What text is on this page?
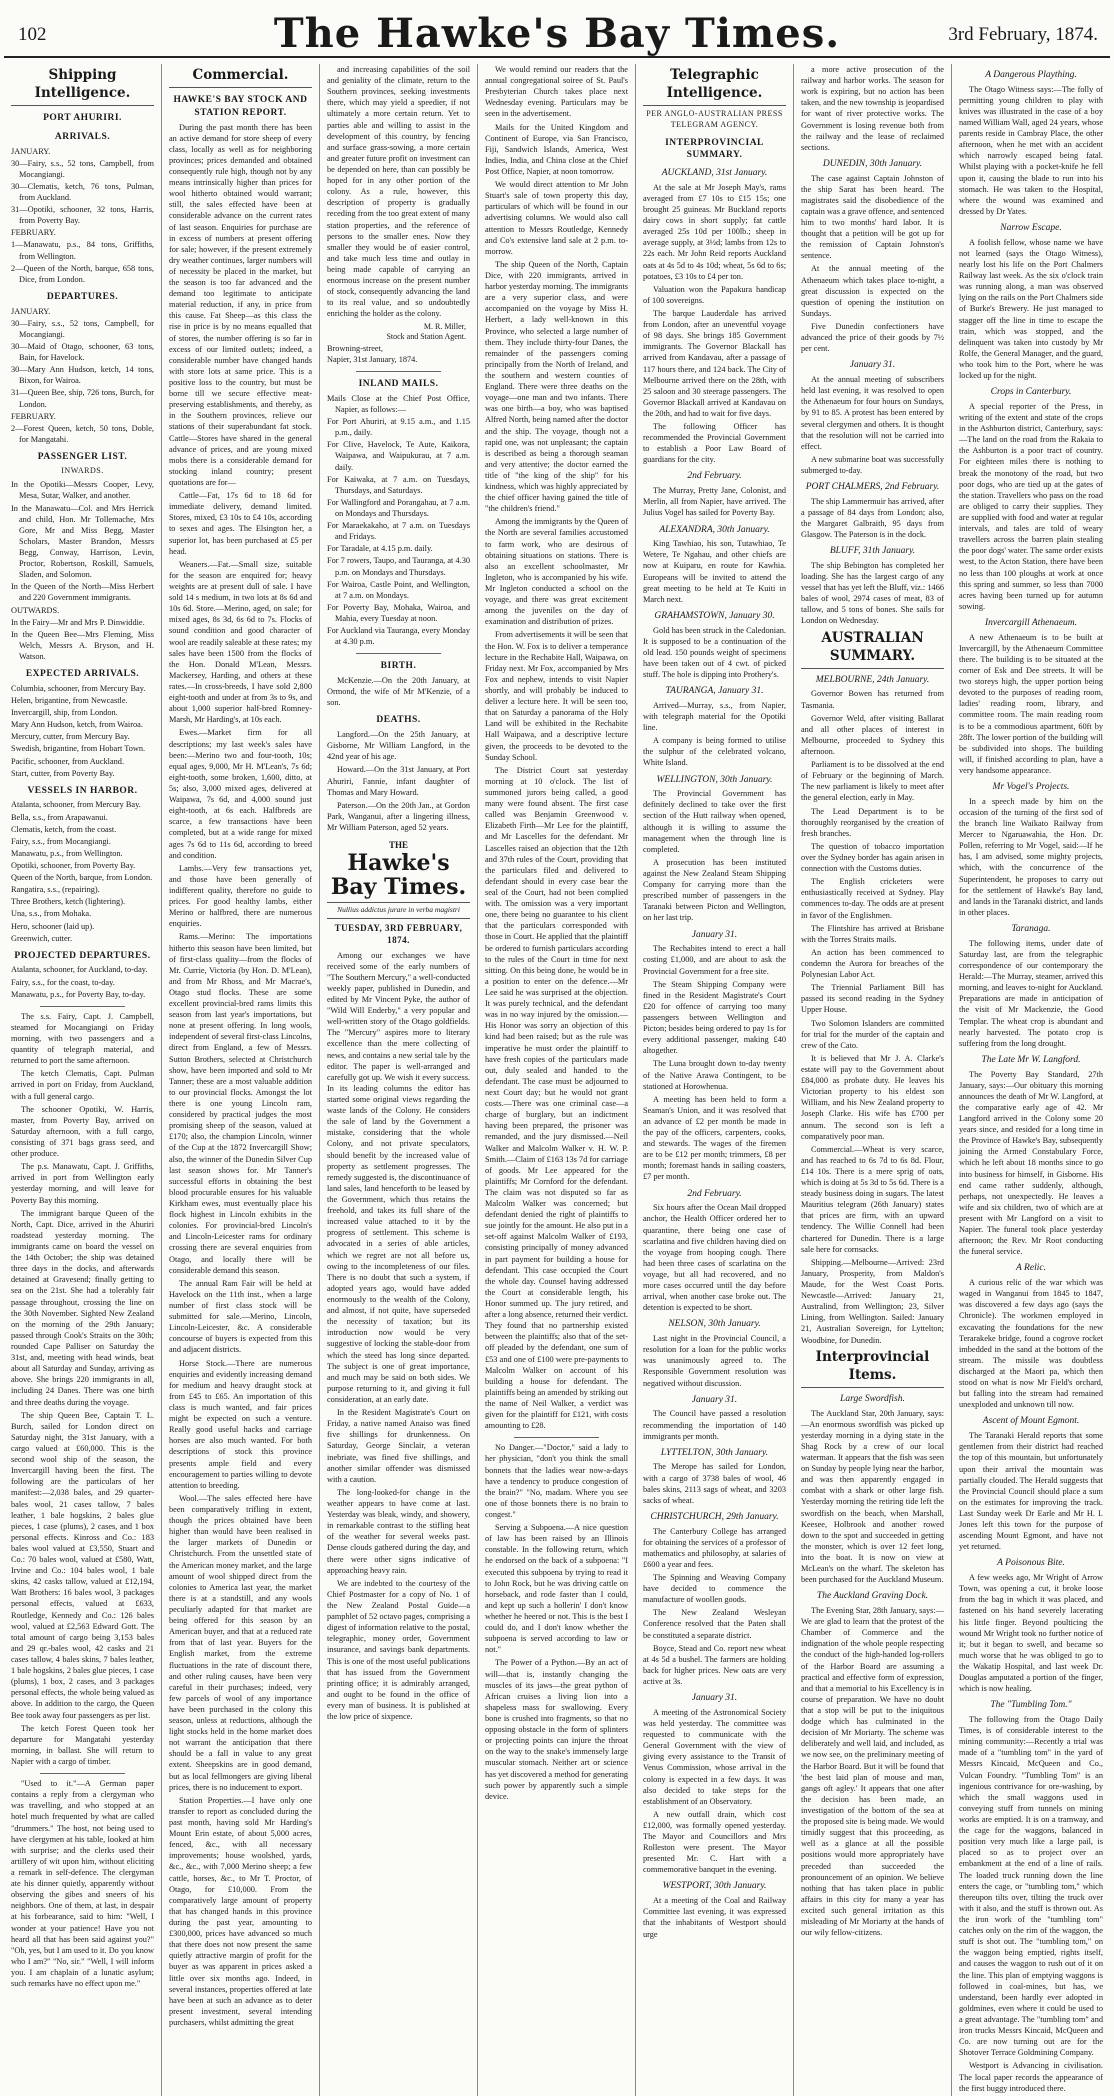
102	The Hawke's Bay Times.	3rd February, 1874.
Shipping Intelligence.
PORT AHURIRI.
ARRIVALS.

JANUARY.

30—Fairy, s.s., 52 tons, Campbell, from Mocangiangi.

30—Clematis, ketch, 76 tons, Pulman, from Auckland.

31—Opotiki, schooner, 32 tons, Harris, from Poverty Bay.

FEBRUARY.

1—Manawatu, p.s., 84 tons, Griffiths, from Wellington.

2—Queen of the North, barque, 658 tons, Dice, from London.

DEPARTURES.

JANUARY.

30—Fairy, s.s., 52 tons, Campbell, for Mocangiangi.

30—Maid of Otago, schooner, 63 tons, Bain, for Havelock.

30—Mary Ann Hudson, ketch, 14 tons, Bixon, for Wairoa.

31—Queen Bee, ship, 726 tons, Burch, for London.

FEBRUARY.

2—Forest Queen, ketch, 50 tons, Doble, for Mangatahi.

PASSENGER LIST.
INWARDS.

In the Opotiki—Messrs Cooper, Levy, Mesa, Sutar, Walker, and another.

In the Manawatu—Col. and Mrs Herrick and child, Hon. Mr Tollemache, Mrs Gore, Mr and Miss Begg, Master Scholars, Master Brandon, Messrs Begg, Conway, Harrison, Levin, Proctor, Robertson, Roskill, Samuels, Sladen, and Solomon.

In the Queen of the North—Miss Herbert and 220 Government immigrants.

OUTWARDS.

In the Fairy—Mr and Mrs P. Dinwiddie.

In the Queen Bee—Mrs Fleming, Miss Welch, Messrs A. Bryson, and H. Watson.

EXPECTED ARRIVALS.

Columbia, schooner, from Mercury Bay.

Helen, brigantine, from Newcastle.

Invercargill, ship, from London.

Mary Ann Hudson, ketch, from Wairoa.

Mercury, cutter, from Mercury Bay.

Swedish, brigantine, from Hobart Town.

Pacific, schooner, from Auckland.

Start, cutter, from Poverty Bay.

VESSELS IN HARBOR.

Atalanta, schooner, from Mercury Bay.

Bella, s.s., from Arapawanui.

Clematis, ketch, from the coast.

Fairy, s.s., from Mocangiangi.

Manawatu, p.s., from Wellington.

Opotiki, schooner, from Poverty Bay.

Queen of the North, barque, from London.

Rangatira, s.s., (repairing).

Three Brothers, ketch (lightering).

Una, s.s., from Mohaka.

Hero, schooner (laid up).

Greenwich, cutter.

PROJECTED DEPARTURES.

Atalanta, schooner, for Auckland, to-day.

Fairy, s.s., for the coast, to-day.

Manawatu, p.s., for Poverty Bay, to-day.

The s.s. Fairy, Capt. J. Campbell, steamed for Mocangiangi on Friday morning, with two passengers and a quantity of telegraph material, and returned to port the same afternoon.

The ketch Clematis, Capt. Pulman arrived in port on Friday, from Auckland, with a full general cargo.

The schooner Opotiki, W. Harris, master, from Poverty Bay, arrived on Saturday afternoon, with a full cargo, consisting of 371 bags grass seed, and other produce.

The p.s. Manawatu, Capt. J. Griffiths, arrived in port from Wellington early yesterday morning, and will leave for Poverty Bay this morning.

The immigrant barque Queen of the North, Capt. Dice, arrived in the Ahuriri roadstead yesterday morning. The immigrants came on board the vessel on the 14th October; the ship was detained three days in the docks, and afterwards detained at Gravesend; finally getting to sea on the 21st. She had a tolerably fair passage throughout, crossing the line on the 30th November. Sighted New Zealand on the morning of the 29th January; passed through Cook's Straits on the 30th; rounded Cape Palliser on Saturday the 31st, and, meeting with head winds, beat about all Saturday and Sunday, arriving as above. She brings 220 immigrants in all, including 24 Danes. There was one birth and three deaths during the voyage.

The ship Queen Bee, Captain T. L. Burch, sailed for London direct on Saturday night, the 31st January, with a cargo valued at £60,000. This is the second wool ship of the season, the Invercargill having been the first. The following are the particulars of her manifest:—2,038 bales, and 29 quarter-bales wool, 21 cases tallow, 7 bales leather, 1 bale hogskins, 2 bales glue pieces, 1 case (plums), 2 cases, and 1 box personal effects. Kinross and Co.: 183 bales wool valued at £3,550, Stuart and Co.: 70 bales wool, valued at £580, Watt, Irvine and Co.: 104 bales wool, 1 bale skins, 42 casks tallow, valued at £12,194, Watt Brothers: 16 bales wool, 3 packages personal effects, valued at £633, Routledge, Kennedy and Co.: 126 bales wool, valued at £2,563 Edward Gott. The total amount of cargo being 3,153 bales and 29 qr.-bales wool, 42 casks and 21 cases tallow, 4 bales skins, 7 bales leather, 1 bale hogskins, 2 bales glue pieces, 1 case (plums), 1 box, 2 cases, and 3 packages personal effects, the whole being valued as above. In addition to the cargo, the Queen Bee took away four passengers as per list.

The ketch Forest Queen took her departure for Mangatahi yesterday morning, in ballast. She will return to Napier with a cargo of timber.

"Used to it."—A German paper contains a reply from a clergyman who was travelling, and who stopped at an hotel much frequented by what are called "drummers." The host, not being used to have clergymen at his table, looked at him with surprise; and the clerks used their artillery of wit upon him, without eliciting a remark in self-defence. The clergyman ate his dinner quietly, apparently without observing the gibes and sneers of his neighbors. One of them, at last, in despair at his forbearance, said to him: "Well, I wonder at your patience! Have you not heard all that has been said against you?" "Oh, yes, but I am used to it. Do you know who I am?" "No, sir." "Well, I will inform you. I am chaplain of a lunatic asylum; such remarks have no effect upon me."

Commercial.
HAWKE'S BAY STOCK AND STATION REPORT.

During the past month there has been an active demand for store sheep of every class, locally as well as for neighboring provinces; prices demanded and obtained consequently rule high, though not by any means intrinsically higher than prices for wool hitherto obtained would warrant; still, the sales effected have been at considerable advance on the current rates of last season. Enquiries for purchase are in excess of numbers at present offering for sale; however, if the present extremely dry weather continues, larger numbers will of necessity be placed in the market, but the season is too far advanced and the demand too legitimate to anticipate material reduction, if any, in price from this cause. Fat Sheep—as this class the rise in price is by no means equalled that of stores, the number offering is so far in excess of our limited outlets; indeed, a considerable number have changed hands with store lots at same price. This is a positive loss to the country, but must be borne till we secure effective meat-preserving establishments, and thereby, as in the Southern provinces, relieve our stations of their superabundant fat stock. Cattle—Stores have shared in the general advance of prices, and are young mixed mobs there is a considerable demand for stocking inland country; present quotations are for—

Cattle—Fat, 17s 6d to 18 6d for immediate delivery, demand limited. Stores, mixed, £3 10s to £4 10s, according to sexes and ages. The Elsington her, a superior lot, has been purchased at £5 per head.

Weaners.—Fat.—Small size, suitable for the season are enquired for; heavy weights are at present dull of sale. I have sold 14 s medium, in two lots at 8s 6d and 10s 6d. Store.—Merino, aged, on sale; for mixed ages, 8s 3d, 6s 6d to 7s. Flocks of sound condition and good character of wool are readily saleable at these rates; my sales have been 1500 from the flocks of the Hon. Donald M'Lean, Messrs. Mackersey, Harding, and others at these rates.—In cross-breeds, I have sold 2,800 eight-tooth and under at from 3s to 9s, and about 1,000 superior half-bred Romney-Marsh, Mr Harding's, at 10s each.

Ewes.—Market firm for all descriptions; my last week's sales have been:—Merino two and four-tooth, 10s; equal ages, 9,000, Mr H. M'Lean's, 7s 6d; eight-tooth, some broken, 1,600, ditto, at 5s; also, 3,000 mixed ages, delivered at Waipawa, 7s 6d, and 4,000 sound just eight-tooth, at 6s each. Halfbreds are scarce, a few transactions have been completed, but at a wide range for mixed ages 7s 6d to 11s 6d, according to breed and condition.

Lambs.—Very few transactions yet, and those have been generally of indifferent quality, therefore no guide to prices. For good healthy lambs, either Merino or halfbred, there are numerous enquiries.

Rams.—Merino: The importations hitherto this season have been limited, but of first-class quality—from the flocks of Mr. Currie, Victoria (by Hon. D. M'Lean), and from Mr Rhoss, and Mr Macrae's, Otago stud flocks. These are some excellent provincial-bred rams limits this season from last year's importations, but none at present offering. In long wools, independent of several first-class Lincolns, direct from England, a few of Messrs. Sutton Brothers, selected at Christchurch show, have been imported and sold to Mr Tanner; these are a most valuable addition to our provincial flocks. Amongst the lot there is one young Lincoln ram, considered by practical judges the most promising sheep of the season, valued at £170; also, the champion Lincoln, winner of the Cup at the 1872 Invercargill Show; also, the winner of the Dunedin Silver Cup last season shows for. Mr Tanner's successful efforts in obtaining the best blood procurable ensures for his valuable Kirkham ewes, must eventually place his flock highest in Lincoln exhibits in the colonies. For provincial-bred Lincoln's and Lincoln-Leicester rams for ordinary crossing there are several enquiries from Otago, and locally there will be considerable demand this season.

The annual Ram Fair will be held at Havelock on the 11th inst., when a large number of first class stock will be submitted for sale.—Merino, Lincoln, Lincoln-Leicester, &c. A considerable concourse of buyers is expected from this and adjacent districts.

Horse Stock.—There are numerous enquiries and evidently increasing demand for medium and heavy draught stock at from £45 to £65. An importation of this class is much wanted, and fair prices might be expected on such a venture. Really good useful hacks and carriage horses are also much wanted. For both descriptions of stock this province presents ample field and every encouragement to parties willing to devote attention to breeding.

Wool.—The sales effected here have been comparatively trifling in extent, though the prices obtained have been higher than would have been realised in the larger markets of Dunedin or Christchurch. From the unsettled state of the American money market, and the large amount of wool shipped direct from the colonies to America last year, the market there is at a standstill, and any wools peculiarly adapted for that market are being offered for this season by an American buyer, and that at a reduced rate from that of last year. Buyers for the English market, from the extreme fluctuations in the rate of discount there, and other ruling causes, have been very careful in their purchases; indeed, very few parcels of wool of any importance have been purchased in the colony this season, unless at reductions, although the light stocks held in the home market does not warrant the anticipation that there should be a fall in value to any great extent. Sheepskins are in good demand, but as local fellmongers are giving liberal prices, there is no inducement to export.

Station Properties.—I have only one transfer to report as concluded during the past month, having sold Mr Harding's Mount Erin estate, of about 5,000 acres, fenced, &c., with all necessary improvements; house woolshed, yards, &c., &c., with 7,000 Merino sheep; a few cattle, horses, &c., to Mr T. Proctor, of Otago, for £10,000. From the comparatively large amount of property that has changed hands in this province during the past year, amounting to £300,000, prices have advanced so much that there does not now present the same quietly attractive margin of profit for the buyer as was apparent in prices asked a little over six months ago. Indeed, in several instances, properties offered at late have been at such an advance as to deter present investment, several intending purchasers, whilst admitting the great

and increasing capabilities of the soil and geniality of the climate, return to the Southern provinces, seeking investments there, which may yield a speedier, if not ultimately a more certain return. Yet to parties able and willing to assist in the development of this country, by fencing and surface grass-sowing, a more certain and greater future profit on investment can be depended on here, than can possibly be hoped for in any other portion of the colony. As a rule, however, this description of property is gradually receding from the too great extent of many station properties, and the reference of persons to the smaller enes. Now they smaller they would be of easier control, and take much less time and outlay in being made capable of carrying an enormous increase on the present number of stock, consequently advancing the land to its real value, and so undoubtedly enriching the holder as the colony.

M. R. Miller,
Stock and Station Agent.
Browning-street,
Napier, 31st January, 1874.
INLAND MAILS.

Mails Close at the Chief Post Office, Napier, as follows:—

For Port Ahuriri, at 9.15 a.m., and 1.15 p.m., daily.

For Clive, Havelock, Te Aute, Kaikora, Waipawa, and Waipukurau, at 7 a.m. daily.

For Kaiwaka, at 7 a.m. on Tuesdays, Thursdays, and Saturdays.

For Wallingford and Porangahau, at 7 a.m. on Mondays and Thursdays.

For Maraekakaho, at 7 a.m. on Tuesdays and Fridays.

For Taradale, at 4.15 p.m. daily.

For 7 rowers, Taupo, and Tauranga, at 4.30 p.m. on Mondays and Thursdays.

For Wairoa, Castle Point, and Wellington, at 7 a.m. on Mondays.

For Poverty Bay, Mohaka, Wairoa, and Mahia, every Tuesday at noon.

For Auckland via Tauranga, every Monday at 4.30 p.m.

BIRTH.

McKenzie.—On the 20th January, at Ormond, the wife of Mr M'Kenzie, of a son.

DEATHS.

Langford.—On the 25th January, at Gisborne, Mr William Langford, in the 42nd year of his age.

Howard.—On the 31st January, at Port Ahuriri, Fannie, infant daughter of Thomas and Mary Howard.

Paterson.—On the 20th Jan., at Gordon Park, Wanganui, after a lingering illness, Mr William Paterson, aged 52 years.

THE
Hawke's Bay Times.
Nullius addictus jurare in verba magistri
TUESDAY, 3RD FEBRUARY, 1874.

Among our exchanges we have received some of the early numbers of "The Southern Mercury," a well-conducted weekly paper, published in Dunedin, and edited by Mr Vincent Pyke, the author of "Wild Will Enderby," a very popular and well-written story of the Otago goldfields. The "Mercury" aspires more to literary excellence than the mere collecting of news, and contains a new serial tale by the editor. The paper is well-arranged and carefully got up. We wish it every success. In its leading columns the editor has started some original views regarding the waste lands of the Colony. He considers the sale of land by the Government a mistake, considering that the whole Colony, and not private speculators, should benefit by the increased value of property as settlement progresses. The remedy suggested is, the discontinuance of land sales, land henceforth to be leased by the Government, which thus retains the freehold, and takes its full share of the increased value attached to it by the progress of settlement. This scheme is advocated in a series of able articles, which we regret are not all before us, owing to the incompleteness of our files. There is no doubt that such a system, if adopted years ago, would have added enormously to the wealth of the Colony, and almost, if not quite, have superseded the necessity of taxation; but its introduction now would be very suggestive of locking the stable-door from which the steed has long since departed. The subject is one of great importance, and much may be said on both sides. We purpose returning to it, and giving it full consideration, at an early date.

In the Resident Magistrate's Court on Friday, a native named Anaiso was fined five shillings for drunkenness. On Saturday, George Sinclair, a veteran inebriate, was fined five shillings, and another similar offender was dismissed with a caution.

The long-looked-for change in the weather appears to have come at last. Yesterday was bleak, windy, and showery, in remarkable contrast to the stifling heat of the weather for several weeks past. Dense clouds gathered during the day, and there were other signs indicative of approaching heavy rain.

We are indebted to the courtesy of the Chief Postmaster for a copy of No. 1 of the New Zealand Postal Guide—a pamphlet of 52 octavo pages, comprising a digest of information relative to the postal, telegraphic, money order, Government insurance, and savings bank departments. This is one of the most useful publications that has issued from the Government printing office; it is admirably arranged, and ought to be found in the office of every man of business. It is published at the low price of sixpence.

We would remind our readers that the annual congregational soiree of St. Paul's Presbyterian Church takes place next Wednesday evening. Particulars may be seen in the advertisement.

Mails for the United Kingdom and Continent of Europe, via San Francisco, Fiji, Sandwich Islands, America, West Indies, India, and China close at the Chief Post Office, Napier, at noon tomorrow.

We would direct attention to Mr John Stuart's sale of town property this day, particulars of which will be found in our advertising columns. We would also call attention to Messrs Routledge, Kennedy and Co's extensive land sale at 2 p.m. to-morrow.

The ship Queen of the North, Captain Dice, with 220 immigrants, arrived in harbor yesterday morning. The immigrants are a very superior class, and were accompanied on the voyage by Miss H. Herbert, a lady well-known in this Province, who selected a large number of them. They include thirty-four Danes, the remainder of the passengers coming principally from the North of Ireland, and the southern and western counties of England. There were three deaths on the voyage—one man and two infants. There was one birth—a boy, who was baptised Alfred North, being named after the doctor and the ship. The voyage, though not a rapid one, was not unpleasant; the captain is described as being a thorough seaman and very attentive; the doctor earned the title of "the king of the ship" for his kindness, which was highly appreciated by the chief officer having gained the title of "the children's friend."

Among the immigrants by the Queen of the North are several families accustomed to farm work, who are desirous of obtaining situations on stations. There is also an excellent schoolmaster, Mr Ingleton, who is accompanied by his wife. Mr Ingleton conducted a school on the voyage, and there was great excitement among the juveniles on the day of examination and distribution of prizes.

From advertisements it will be seen that the Hon. W. Fox is to deliver a temperance lecture in the Rechabite Hall, Waipawa, on Friday next. Mr Fox, accompanied by Mrs Fox and nephew, intends to visit Napier shortly, and will probably be induced to deliver a lecture here. It will be seen too, that on Saturday a panorama of the Holy Land will be exhibited in the Rechabite Hall Waipawa, and a descriptive lecture given, the proceeds to be devoted to the Sunday School.

The District Court sat yesterday morning at 10 o'clock. The list of summoned jurors being called, a good many were found absent. The first case called was Benjamin Greenwood v. Elizabeth Firth—Mr Lee for the plaintiff, and Mr Lascelles for the defendant. Mr Lascelles raised an objection that the 12th and 37th rules of the Court, providing that the particulars filed and delivered to defendant should in every case bear the seal of the Court, had not been complied with. The omission was a very important one, there being no guarantee to his client that the particulars corresponded with those in Court. He applied that the plaintiff be ordered to furnish particulars according to the rules of the Court in time for next sitting. On this being done, he would be in a position to enter on the defence.—Mr Lee said he was surprised at the objection. It was purely technical, and the defendant was in no way injured by the omission.—His Honor was sorry an objection of this kind had been raised; but as the rule was imperative he must order the plaintiff to have fresh copies of the particulars made out, duly sealed and handed to the defendant. The case must be adjourned to next Court day; but he would not grant costs.—There was one criminal case—a charge of burglary, but an indictment having been prepared, the prisoner was remanded, and the jury dismissed.—Neil Walker and Malcolm Walker v. H. W. P. Smith.—Claim of £163 13s 7d for carriage of goods. Mr Lee appeared for the plaintiffs; Mr Cornford for the defendant. The claim was not disputed so far as Malcolm Walker was concerned; but defendant denied the right of plaintiffs to sue jointly for the amount. He also put in a set-off against Malcolm Walker of £193, consisting principally of money advanced in part payment for building a house for defendant. This case occupied the Court the whole day. Counsel having addressed the Court at considerable length, his Honor summed up. The jury retired, and after a long absence, returned their verdict. They found that no partnership existed between the plaintiffs; also that of the set-off pleaded by the defendant, one sum of £53 and one of £100 were pre-payments to Malcolm Walker on account of his building a house for defendant. The plaintiffs being an amended by striking out the name of Neil Walker, a verdict was given for the plaintiff for £121, with costs amounting to £28.

No Danger.—"Doctor," said a lady to her physician, "don't you think the small bonnets that the ladies wear now-a-days have a tendency to produce congestion of the brain?" "No, madam. Where you see one of those bonnets there is no brain to congest."

Serving a Subpoena.—A nice question of law has been raised by an Illinois constable. In the following return, which he endorsed on the back of a subpoena: "I executed this subpoena by trying to read it to John Rock, but he was driving cattle on horseback, and rode faster than I could, and kept up such a hollerin' I don't know whether he heered or not. This is the best I could do, and I don't know whether the subpoena is served according to law or not."

The Power of a Python.—By an act of will—that is, instantly changing the muscles of its jaws—the great python of African cruises a living lion into a shapeless mass for swallowing. Every bone is crushed into fragments, so that no opposing obstacle in the form of splinters or projecting points can injure the throat on the way to the snake's immensely large muscular stomach. Neither art or science has yet discovered a method for generating such power by apparently such a simple device.

Telegraphic Intelligence.
PER ANGLO-AUSTRALIAN PRESS TELEGRAM AGENCY.
INTERPROVINCIAL SUMMARY.
AUCKLAND, 31st January.

At the sale at Mr Joseph May's, rams averaged from £7 10s to £15 15s; one brought 25 guineas. Mr Buckland reports dairy cows in short supply; fat cattle averaged 25s 10d per 100lb.; sheep in average supply, at 3½d; lambs from 12s to 22s each. Mr John Reid reports Auckland oats at 4s 5d to 4s 10d; wheat, 5s 6d to 6s; potatoes, £3 10s to £4 per ton.

Valuation won the Papakura handicap of 100 sovereigns.

The barque Lauderdale has arrived from London, after an uneventful voyage of 98 days. She brings 185 Government immigrants. The Governor Blackall has arrived from Kandavau, after a passage of 117 hours there, and 124 back. The City of Melbourne arrived there on the 28th, with 25 saloon and 30 steerage passengers. The Governor Blackall arrived at Kandavau on the 20th, and had to wait for five days.

The following Officer has recommended the Provincial Government to establish a Poor Law Board of guardians for the city.

2nd February.

The Murray, Pretty Jane, Colonist, and Merlin, all from Napier, have arrived. The Julius Vogel has sailed for Poverty Bay.

ALEXANDRA, 30th January.

King Tawhiao, his son, Tutawhiao, Te Wetere, Te Ngahau, and other chiefs are now at Kuiparu, en route for Kawhia. Europeans will be invited to attend the great meeting to be held at Te Kuiti in March next.

GRAHAMSTOWN, January 30.

Gold has been struck in the Caledonian. It is supposed to be a continuation of the old lead. 150 pounds weight of specimens have been taken out of 4 cwt. of picked stuff. The hole is dipping into Prothery's.

TAURANGA, January 31.

Arrived—Murray, s.s., from Napier, with telegraph material for the Opotiki line.

A company is being formed to utilise the sulphur of the celebrated volcano, White Island.

WELLINGTON, 30th January.

The Provincial Government has definitely declined to take over the first section of the Hutt railway when opened, although it is willing to assume the management when the through line is completed.

A prosecution has been instituted against the New Zealand Steam Shipping Company for carrying more than the prescribed number of passengers in the Taranaki between Picton and Wellington, on her last trip.

January 31.

The Rechabites intend to erect a hall costing £1,000, and are about to ask the Provincial Government for a free site.

The Steam Shipping Company were fined in the Resident Magistrate's Court £20 for offence of carrying too many passengers between Wellington and Picton; besides being ordered to pay 1s for every additional passenger, making £40 altogether.

The Luna brought down to-day twenty of the Native Arawa Contingent, to be stationed at Horowhenua.

A meeting has been held to form a Seaman's Union, and it was resolved that an advance of £2 per month be made in the pay of the officers, carpenters, cooks, and stewards. The wages of the firemen are to be £12 per month; trimmers, £8 per month; foremast hands in sailing coasters, £7 per month.

2nd February.

Six hours after the Ocean Mail dropped anchor, the Health Officer ordered her to quarantine, there being one case of scarlatina and five children having died on the voyage from hooping cough. There had been three cases of scarlatina on the voyage, but all had recovered, and no more cases occurred until the day before arrival, when another case broke out. The detention is expected to be short.

NELSON, 30th January.

Last night in the Provincial Council, a resolution for a loan for the public works was unanimously agreed to. The Responsible Government resolution was negatived without discussion.

January 31.

The Council have passed a resolution recommending the importation of 140 immigrants per month.

LYTTELTON, 30th January.

The Merope has sailed for London, with a cargo of 3738 bales of wool, 46 bales skins, 2113 sags of wheat, and 3203 sacks of wheat.

CHRISTCHURCH, 29th January.

The Canterbury College has arranged for obtaining the services of a professor of mathematics and philosophy, at salaries of £600 a year and fees.

The Spinning and Weaving Company have decided to commence the manufacture of woollen goods.

The New Zealand Wesleyan Conference resolved that the Paten shall be constituted a separate district.

Boyce, Stead and Co. report new wheat at 4s 5d a bushel. The farmers are holding back for higher prices. New oats are very active at 3s.

January 31.

A meeting of the Astronomical Society was held yesterday. The committee was requested to communicate with the General Government with the view of giving every assistance to the Transit of Venus Commission, whose arrival in the colony is expected in a few days. It was also decided to take steps for the establishment of an Observatory.

A new outfall drain, which cost £12,000, was formally opened yesterday. The Mayor and Councillors and Mrs Rolleston were present. The Mayor presented Mr. C. Hart with a commemorative banquet in the evening.

WESTPORT, 30th January.

At a meeting of the Coal and Railway Committee last evening, it was expressed that the inhabitants of Westport should urge

a more active prosecution of the railway and harbor works. The season for work is expiring, but no action has been taken, and the new township is jeopardised for want of river protective works. The Government is losing revenue both from the railway and the lease of reclaimed sections.

DUNEDIN, 30th January.

The case against Captain Johnston of the ship Sarat has been heard. The magistrates said the disobedience of the captain was a grave offence, and sentenced him to two months' hard labor. It is thought that a petition will be got up for the remission of Captain Johnston's sentence.

At the annual meeting of the Athenaeum which takes place to-night, a great discussion is expected on the question of opening the institution on Sundays.

Five Dunedin confectioners have advanced the price of their goods by 7½ per cent.

January 31.

At the annual meeting of subscribers held last evening, it was resolved to open the Athenaeum for four hours on Sundays, by 91 to 85. A protest has been entered by several clergymen and others. It is thought that the resolution will not be carried into effect.

A new submarine boat was successfully submerged to-day.

PORT CHALMERS, 2nd February.

The ship Lammermuir has arrived, after a passage of 84 days from London; also, the Margaret Galbraith, 95 days from Glasgow. The Paterson is in the dock.

BLUFF, 31th January.

The ship Bebington has completed her loading. She has the largest cargo of any vessel that has yet left the Bluff, viz.: 1466 bales of wool, 2974 cases of meat, 83 of tallow, and 5 tons of bones. She sails for London on Wednesday.

AUSTRALIAN SUMMARY.
MELBOURNE, 24th January.

Governor Bowen has returned from Tasmania.

Governor Weld, after visiting Ballarat and all other places of interest in Melbourne, proceeded to Sydney this afternoon.

Parliament is to be dissolved at the end of February or the beginning of March. The new parliament is likely to meet after the general election, early in May.

The Lead Department is to be thoroughly reorganised by the creation of fresh branches.

The question of tobacco importation over the Sydney border has again arisen in connection with the Customs duties.

The English cricketers were enthusiastically received at Sydney. Play commences to-day. The odds are at present in favor of the Englishmen.

The Flintshire has arrived at Brisbane with the Torres Straits mails.

An action has been commenced to condemn the Aurora for breaches of the Polynesian Labor Act.

The Triennial Parliament Bill has passed its second reading in the Sydney Upper House.

Two Solomon Islanders are committed for trial for the murder of the captain and crew of the Cato.

It is believed that Mr J. A. Clarke's estate will pay to the Government about £84,000 as probate duty. He leaves his Victorian property to his eldest son William, and his New Zealand property to Joseph Clarke. His wife has £700 per annum. The second son is left a comparatively poor man.

Commercial.—Wheat is very scarce, and has reached to 6s 7d to 6s 8d. Flour, £14 10s. There is a mere sprig of oats, which is doing at 5s 3d to 5s 6d. There is a steady business doing in sugars. The latest Mauritius telegram (26th January) states that prices are firm, with an upward tendency. The Willie Connell had been chartered for Dunedin. There is a large sale here for cornsacks.

Shipping.—Melbourne—Arrived: 23rd January, Prosperity, from Maldon's Maude, for the West Coast Ports. Newcastle—Arrived: January 21, Australind, from Wellington; 23, Silver Lining, from Wellington. Sailed: January 21, Australian Sovereign, for Lyttelton; Woodbine, for Dunedin.

Interprovincial Items.
Large Swordfish.

The Auckland Star, 20th January, says:—An enormous swordfish was picked up yesterday morning in a dying state in the Shag Rock by a crew of our local waterman. It appears that the fish was seen on Sunday by people lying near the harbor, and was then apparently engaged in combat with a shark or other large fish. Yesterday morning the retiring tide left the swordfish on the beach, when Marshall, Keesee, Holbrook and another rowed down to the spot and succeeded in getting the monster, which is over 12 feet long, into the boat. It is now on view at McLean's on the wharf. The skeleton has been purchased for the Auckland Museum.

The Auckland Graving Dock.

The Evening Star, 28th January, says:—We are glad to learn that the protest of the Chamber of Commerce and the indignation of the whole people respecting the conduct of the high-handed log-rollers of the Harbor Board are assuming a practical and effective form of expression, and that a memorial to his Excellency is in course of preparation. We have no doubt that a stop will be put to the iniquitous dodge which has culminated in the decision of Mr Moriarty. The scheme was deliberately and well laid, and included, as we now see, on the preliminary meeting of the Harbor Board. But it will be found that 'the best laid plan of mouse and man, gangs oft agley.' It appears that one after the decision has been made, an investigation of the bottom of the sea at the proposed site is being made. We would timidly suggest that this proceeding, as well as a glance at all the possible positions would more appropriately have preceded than succeeded the pronouncement of an opinion. We believe nothing that has taken place in public affairs in this city for many a year has excited such general irritation as this misleading of Mr Moriarty at the hands of our wily fellow-citizens.

A Dangerous Plaything.

The Otago Witness says:—The folly of permitting young children to play with knives was illustrated in the case of a boy named William Wall, aged 24 years, whose parents reside in Cambray Place, the other afternoon, when he met with an accident which narrowly escaped being fatal. Whilst playing with a pocket-knife he fell upon it, causing the blade to run into his stomach. He was taken to the Hospital, where the wound was examined and dressed by Dr Yates.

Narrow Escape.

A foolish fellow, whose name we have not learned (says the Otago Witness), nearly lost his life on the Port Chalmers Railway last week. As the six o'clock train was running along, a man was observed lying on the rails on the Port Chalmers side of Burke's Brewery. He just managed to stagger off the line in time to escape the train, which was stopped, and the delinquent was taken into custody by Mr Rolfe, the General Manager, and the guard, who took him to the Port, where he was locked up for the night.

Crops in Canterbury.

A special reporter of the Press, in writing of the extent and state of the crops in the Ashburton district, Canterbury, says:—The land on the road from the Rakaia to the Ashburton is a poor tract of country. For eighteen miles there is nothing to break the monotony of the road, but two poor dogs, who are tied up at the gates of the station. Travellers who pass on the road are obliged to carry their supplies. They are supplied with food and water at regular intervals, and tales are told of weary travellers across the barren plain stealing the poor dogs' water. The same order exists west, to the Acton Station, there have been no less than 100 ploughs at work at once this spring and summer, so less than 7000 acres having been turned up for autumn sowing.

Invercargill Athenaeum.

A new Athenaeum is to be built at Invercargill, by the Athenaeum Committee there. The building is to be situated at the corner of Esk and Dee streets. It will be two storeys high, the upper portion being devoted to the purposes of reading room, ladies' reading room, library, and committee room. The main reading room is to be a commodious apartment, 60ft by 28ft. The lower portion of the building will be subdivided into shops. The building will, if finished according to plan, have a very handsome appearance.

Mr Vogel's Projects.

In a speech made by him on the occasion of the turning of the first sod of the branch line Waikato Railway from Mercer to Ngaruawahia, the Hon. Dr. Pollen, referring to Mr Vogel, said:—If he has, I am advised, some mighty projects, which, with the concurrence of the Superintendent, he proposes to carry out for the settlement of Hawke's Bay land, and lands in the Taranaki district, and lands in other places.

Taranaga.

The following items, under date of Saturday last, are from the telegraphic correspondence of our contemporary the Herald:—The Murray, steamer, arrived this morning, and leaves to-night for Auckland. Preparations are made in anticipation of the visit of Mr Mackenzie, the Good Templar. The wheat crop is abundant and nearly harvested. The potato crop is suffering from the long drought.

The Late Mr W. Langford.

The Poverty Bay Standard, 27th January, says:—Our obituary this morning announces the death of Mr W. Langford, at the comparative early age of 42. Mr Langford arrived in the Colony some 20 years since, and resided for a long time in the Province of Hawke's Bay, subsequently joining the Armed Constabulary Force, which he left about 18 months since to go into business for himself, in Gisborne. His end came rather suddenly, although, perhaps, not unexpectedly. He leaves a wife and six children, two of which are at present with Mr Langford on a visit to Napier. The funeral took place yesterday afternoon; the Rev. Mr Root conducting the funeral service.

A Relic.

A curious relic of the war which was waged in Wanganui from 1845 to 1847, was discovered a few days ago (says the Chronicle). The workmen employed in excavating the foundations for the new Terarakeke bridge, found a cogrove rocket imbedded in the sand at the bottom of the stream. The missile was doubtless discharged at the Maori pa, which then stood on what is now Mr Field's orchard, but falling into the stream had remained unexploded and unknown till now.

Ascent of Mount Egmont.

The Taranaki Herald reports that some gentlemen from their district had reached the top of this mountain, but unfortunately upon their arrival the mountain was partially clouded. The Herald suggests that the Provincial Council should place a sum on the estimates for improving the track. Last Sunday week Dr Earle and Mr H. I. Jones left this town for the purpose of ascending Mount Egmont, and have not yet returned.

A Poisonous Bite.

A few weeks ago, Mr Wright of Arrow Town, was opening a cut, it broke loose from the bag in which it was placed, and fastened on his hand severely lacerating his little finger. Beyond poulticing the wound Mr Wright took no further notice of it; but it began to swell, and became so much worse that he was obliged to go to the Wakatip Hospital, and last week Dr. Douglas amputated a portion of the finger, which is now healing.

The "Tumbling Tom."

The following from the Otago Daily Times, is of considerable interest to the mining community:—Recently a trial was made of a "tumbling tom" in the yard of Messrs Kincaid, McQueen and Co., Vulcan Foundry. "Tumbling Tom" is an ingenious contrivance for ore-washing, by which the small waggons used in conveying stuff from tunnels on mining works are emptied. It is on a tramway, and the cage for the waggons, balanced in position very much like a large pail, is placed so as to project over an embankment at the end of a line of rails. The loaded truck running down the line enters the cage, or "tumbling tom," which thereupon tilts over, tilting the truck over with it also, and the stuff is thrown out. As the iron work of the "tumbling tom" catches only on the rim of the waggon, the stuff is shot out. The "tumbling tom," on the waggon being emptied, rights itself, and causes the waggon to rush out of it on the line. This plan of emptying waggons is followed in coal-mines, but has, we understand, been hardly ever adopted in goldmines, even where it could be used to a great advantage. The "tumbling tom" and iron trucks Messrs Kincaid, McQueen and Co. are now turning out are for the Shotover Terrace Goldmining Company.

Westport is Advancing in civilisation. The local paper records the appearance of the first buggy introduced there.
